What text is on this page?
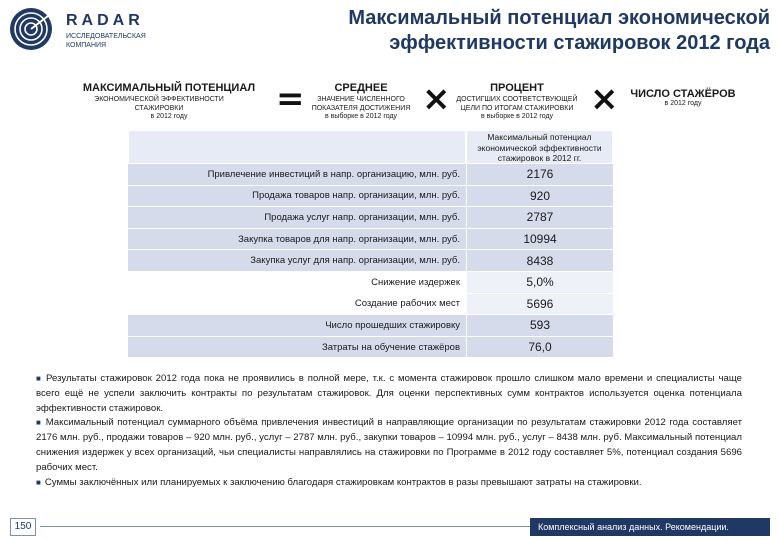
RADAR
ИССЛЕДОВАТЕЛЬСКАЯ КОМПАНИЯ
Максимальный потенциал экономической эффективности стажировок 2012 года
МАКСИМАЛЬНЫЙ ПОТЕНЦИАЛ
ЭКОНОМИЧЕСКОЙ ЭФФЕКТИВНОСТИ СТАЖИРОВКИ
в 2012 году	=	СРЕДНЕЕ
ЗНАЧЕНИЕ ЧИСЛЕННОГО ПОКАЗАТЕЛЯ ДОСТИЖЕНИЯ
в выборке в 2012 году ×	ПРОЦЕНТ
ДОСТИГШИХ СООТВЕТСТВУЮЩЕЙ ЦЕЛИ ПО ИТОГАМ СТАЖИРОВКИ
в выборке в 2012 году	×	ЧИСЛО СТАЖЁРОВ
в 2012 году
Максимальный потенциал экономической эффективности стажировок в 2012 гг.
Привлечение инвестиций в напр. организацию, млн. руб.	2176
Продажа товаров напр. организации, млн. руб.	920
Продажа услуг напр. организации, млн. руб.	2787
Закупка товаров для напр. организации, млн. руб.	10994
Закупка услуг для напр. организации, млн. руб.	8438
Снижение издержек	5,0%
Создание рабочих мест	5696
Число прошедших стажировку	593
Затраты на обучение стажёров	76,0

■ Результаты стажировок 2012 года пока не проявились в полной мере, т.к. с момента стажировок прошло слишком мало времени и специалисты чаще всего ещё не успели заключить контракты по результатам стажировок. Для оценки перспективных сумм контрактов используется оценка потенциала эффективности стажировок.

■ Максимальный потенциал суммарного объёма привлечения инвестиций в направляющие организации по результатам стажировки 2012 года составляет 2176 млн. руб., продажи товаров – 920 млн. руб., услуг – 2787 млн. руб., закупки товаров – 10994 млн. руб., услуг – 8438 млн. руб. Максимальный потенциал снижения издержек у всех организаций, чьи специалисты направлялись на стажировки по Программе в 2012 году составляет 5%, потенциал создания 5696 рабочих мест.

■ Суммы заключённых или планируемых к заключению благодаря стажировкам контрактов в разы превышают затраты на стажировки.

150	Комплексный анализ данных. Рекомендации.
